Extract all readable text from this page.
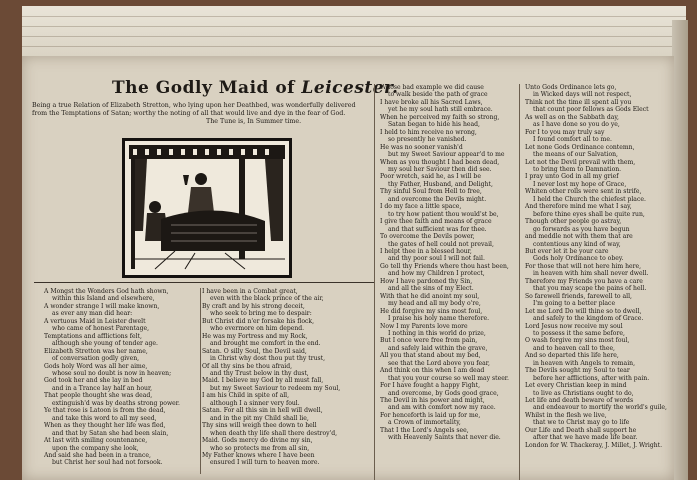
The Godly Maid of Leicester.
Being a true Relation of Elizabeth Stretton, who lying upon her Deathbed, was wonderfully delivered from the Temptations of Satan; worthy the noting of all that would live and dye in the fear of God.
The Tune is, In Summer time.
A Mongst the Wonders God hath shown,
within this Island and elsewhere,
A wonder strange I will make known,
as ever any man did hear:
A vertuous Maid in Leister dwelt
who came of honest Parentage,
Temptations and afflictions felt,
although she young of tender age.
Elizabeth Stretton was her name,
of conversation godly given,
Gods holy Word was all her aime,
whose soul no doubt is now in heaven;
God took her and she lay in bed
and in a Trance lay half an hour,
That people thought she was dead,
extinguish'd was by deaths strong power.
Ye that rose is Latoon is from the dead,
and take this word to all my seed,
When as they thought her life was fled,
and that by Satan she had been slain,
At last with smiling countenance,
upon the company she look,
And said she had been in a trance,
but Christ her soul had not forsook.
I have been in a Combat great,
even with the black prince of the air,
By craft and by his strong deceit,
who seek to bring me to despair:
But Christ did n'er forsake his flock,
who evermore on him depend.
He was my Fortress and my Rock,
and brought me comfort in the end.
Satan. O silly Soul, the Devil said,
in Christ why dost thou put thy trust,
Of all thy sins be thou afraid,
and thy Trust below in thy dust,
Maid. I believe my God by all must fall,
but my Sweet Saviour to redeem my Soul,
I am his Child in spite of all,
although I a sinner very foul.
Satan. For all this sin in hell will dwell,
and in the pit my Child shall lie,
Thy sins will weigh thee down to hell
when death thy life shall there destroy'd,
Maid. Gods mercy do divine my sin,
who so protects me from all sin,
My Father knows where I have been
ensured I will turn to heaven more.
Whose bad example we did cause
to walk beside the path of grace
I have broke all his Sacred Laws,
yet he my soul hath still embrace.
When he perceived my faith so strong,
Satan began to hide his head,
I held to him receive no wrong,
so presently he vanished.
He was no sooner vanish'd
but my Sweet Saviour appear'd to me
When as you thought I had been dead,
my soul her Saviour then did see.
Poor wretch, said he, as I will be
thy Father, Husband, and Delight,
Thy sinful Soul from Hell to free,
and overcome the Devils might.
I do my face a little space,
to try how patient thou would'st be,
I give thee faith and means of grace
and that sufficient was for thee.
To overcome the Devils power,
the gates of hell could not prevail,
I helpt thee in a blessed hour,
and thy poor soul I will not fail.
Go tell thy Friends where thou hast been,
and how my Children I protect,
How I have pardoned thy Sin,
and all the sins of my Elect.
With that he did anoint my soul,
my head and all my body o're,
He did forgive my sins most foul,
I praise his holy name therefore.
Now I my Parents love more
I nothing in this world do prize,
But I once were free from pain,
and safely laid within the grave,
All you that stand about my bed,
see that the Lord above you fear,
And think on this when I am dead
that you your course so well may steer.
For I have fought a happy Fight,
and overcome, by Gods good grace,
The Devil in his power and might,
and am with comfort now my race.
For henceforth is laid up for me,
a Crown of immortality,
That I the Lord's Angels see,
with Heavenly Saints that never die.
Unto Gods Ordinance lets go,
in Wicked days will not respect,
Think not the time ill spent all you
that count poor fellows as Gods Elect
As well as on the Sabbath day,
as I have done so you do ye,
For I to you may truly say
I found comfort all to me.
Let none Gods Ordinance contemn,
the means of our Salvation,
Let not the Devil prevail with them,
to bring them to Damnation.
I pray unto God in all my grief
I never lost my hope of Grace,
Whiten other rolls were sent in strife,
I held the Church the chiefest place.
And therefore mind me what I say,
before thine eyes shall be quite run,
Though other people go astray,
go forwards as you have begun
and meddle not with them that are
contentious any kind of way,
But ever let it be your care
Gods holy Ordinance to obey.
For those that will not here him here,
in heaven with him shall never dwell.
Therefore my Friends you have a care
that you may scape the pains of hell.
So farewell friends, farewell to all,
I'm going to a better place
Let me Lord Do will thine so to dwell,
and safely to the kingdom of Grace.
Lord Jesus now receive my soul
to possess it the same before,
O wash forgive my sins most foul,
and to heaven call to thee,
And so departed this life here,
in heaven with Angels to remain,
The Devils sought my Soul to tear
before her afflictions, after with pain.
Let every Christian keep in mind
to live as Christians ought to do,
Let life and death beware of words
and endeavour to mortify the world's guile,
Whilst in the flesh we live,
that we to Christ may go to life
Our Life and Death shall support he
after that we have made life bear.
London for W. Thackeray, J. Millet, J. Wright.
